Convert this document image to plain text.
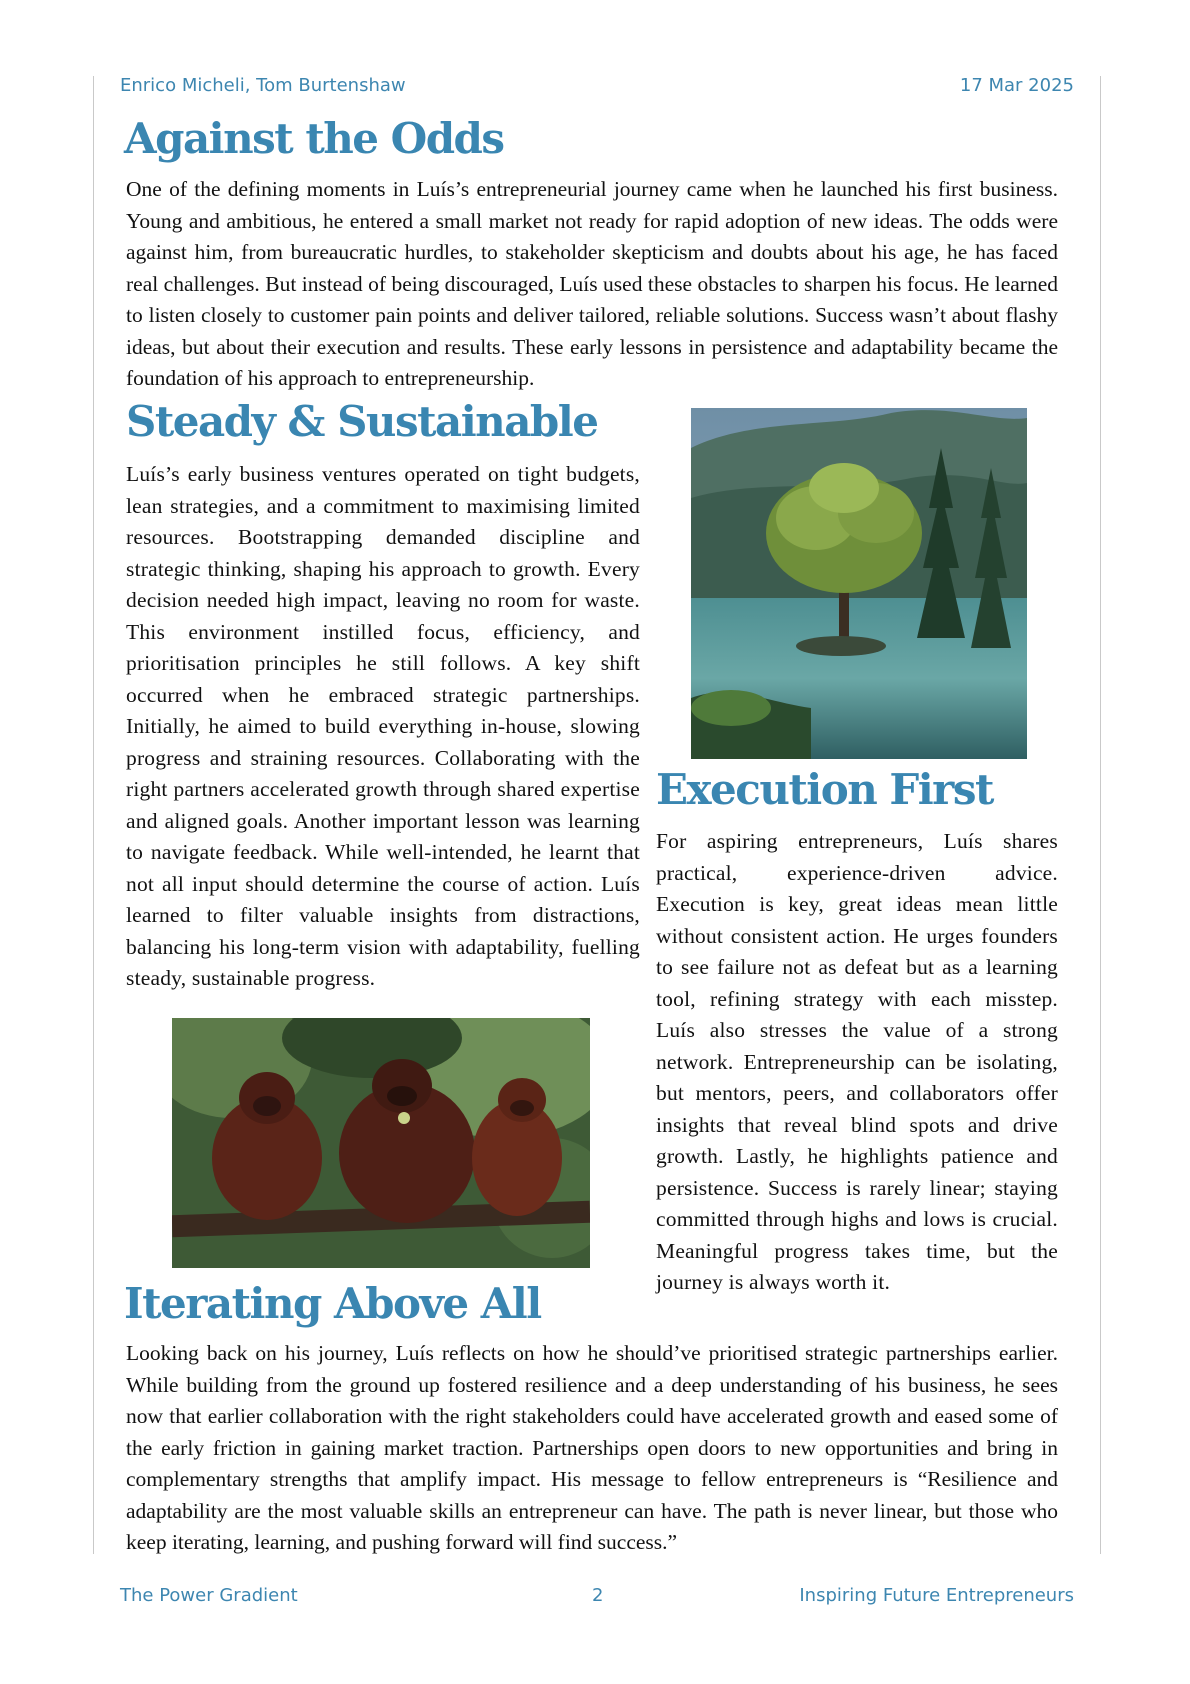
Enrico Micheli, Tom Burtenshaw	17 Mar 2025
Against the Odds

One of the defining moments in Luís’s entrepreneurial journey came when he launched his first business. Young and ambitious, he entered a small market not ready for rapid adoption of new ideas. The odds were against him, from bureaucratic hurdles, to stakeholder skepticism and doubts about his age, he has faced real challenges. But instead of being discouraged, Luís used these obstacles to sharpen his focus. He learned to listen closely to customer pain points and deliver tailored, reliable solutions. Success wasn’t about flashy ideas, but about their execution and results. These early lessons in persistence and adaptability became the foundation of his approach to entrepreneurship.

Steady & Sustainable

Luís’s early business ventures operated on tight budgets, lean strategies, and a commitment to maximising limited resources. Bootstrapping demanded discipline and strategic thinking, shaping his approach to growth. Every decision needed high impact, leaving no room for waste. This environment instilled focus, efficiency, and prioritisation principles he still follows. A key shift occurred when he embraced strategic partnerships. Initially, he aimed to build everything in-house, slowing progress and straining resources. Collaborating with the right partners accelerated growth through shared expertise and aligned goals. Another important lesson was learning to navigate feedback. While well-intended, he learnt that not all input should determine the course of action. Luís learned to filter valuable insights from distractions, balancing his long-term vision with adaptability, fuelling steady, sustainable progress.

Execution First

For aspiring entrepreneurs, Luís shares practical, experience-driven advice. Execution is key, great ideas mean little without consistent action. He urges founders to see failure not as defeat but as a learning tool, refining strategy with each misstep. Luís also stresses the value of a strong network. Entrepreneurship can be isolating, but mentors, peers, and collaborators offer insights that reveal blind spots and drive growth. Lastly, he highlights patience and persistence. Success is rarely linear; staying committed through highs and lows is crucial. Meaningful progress takes time, but the journey is always worth it.

Iterating Above All

Looking back on his journey, Luís reflects on how he should’ve prioritised strategic partnerships earlier. While building from the ground up fostered resilience and a deep understanding of his business, he sees now that earlier collaboration with the right stakeholders could have accelerated growth and eased some of the early friction in gaining market traction. Partnerships open doors to new opportunities and bring in complementary strengths that amplify impact. His message to fellow entrepreneurs is “Resilience and adaptability are the most valuable skills an entrepreneur can have. The path is never linear, but those who keep iterating, learning, and pushing forward will find success.”

The Power Gradient	2	Inspiring Future Entrepreneurs
